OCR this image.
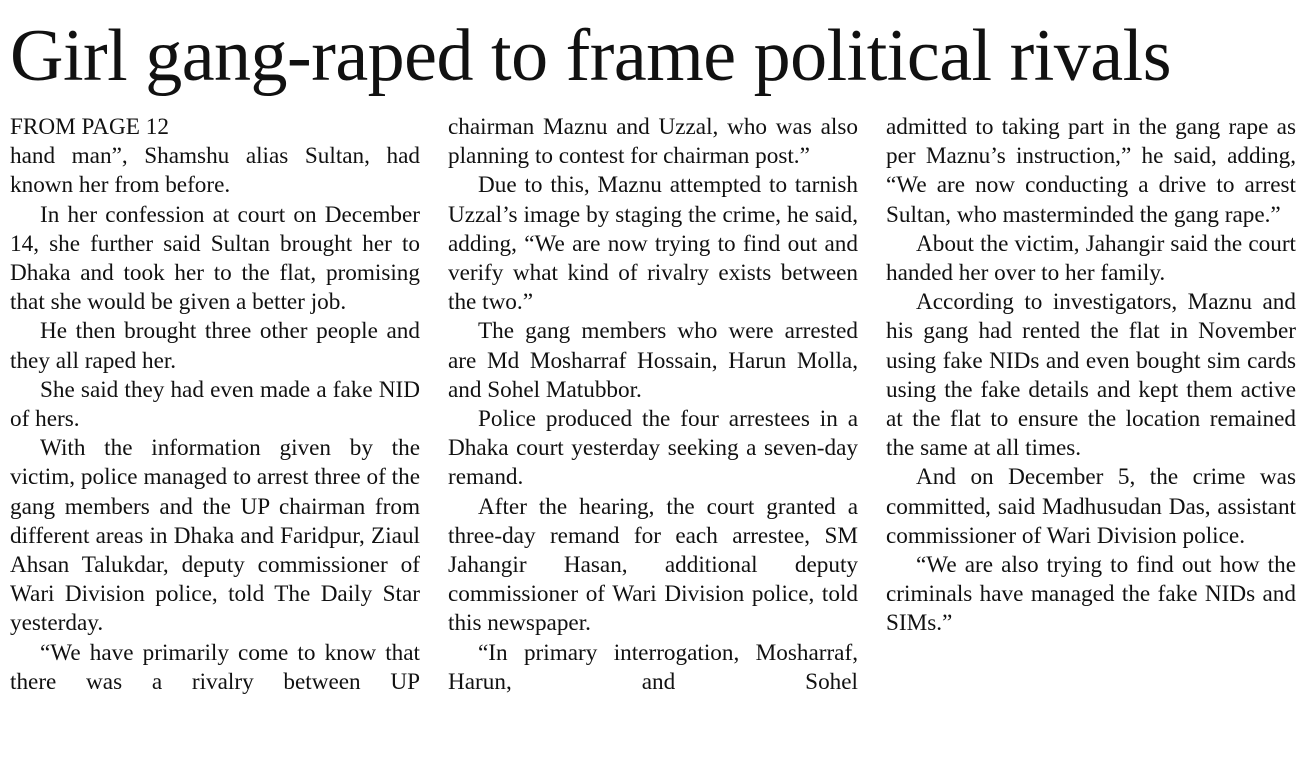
Girl gang-raped to frame political rivals
FROM PAGE 12

hand man”, Shamshu alias Sultan, had known her from before.

In her confession at court on December 14, she further said Sultan brought her to Dhaka and took her to the flat, promising that she would be given a better job.

He then brought three other people and they all raped her.

She said they had even made a fake NID of hers.

With the information given by the victim, police managed to arrest three of the gang members and the UP chairman from different areas in Dhaka and Faridpur, Ziaul Ahsan Talukdar, deputy commissioner of Wari Division police, told The Daily Star yesterday.

“We have primarily come to know that there was a rivalry between UP

chairman Maznu and Uzzal, who was also planning to contest for chairman post.”

Due to this, Maznu attempted to tarnish Uzzal’s image by staging the crime, he said, adding, “We are now trying to find out and verify what kind of rivalry exists between the two.”

The gang members who were arrested are Md Mosharraf Hossain, Harun Molla, and Sohel Matubbor.

Police produced the four arrestees in a Dhaka court yesterday seeking a seven-day remand.

After the hearing, the court granted a three-day remand for each arrestee, SM Jahangir Hasan, additional deputy commissioner of Wari Division police, told this newspaper.

“In primary interrogation, Mosharraf, Harun, and Sohel

admitted to taking part in the gang rape as per Maznu’s instruction,” he said, adding, “We are now conducting a drive to arrest Sultan, who masterminded the gang rape.”

About the victim, Jahangir said the court handed her over to her family.

According to investigators, Maznu and his gang had rented the flat in November using fake NIDs and even bought sim cards using the fake details and kept them active at the flat to ensure the location remained the same at all times.

And on December 5, the crime was committed, said Madhusudan Das, assistant commissioner of Wari Division police.

“We are also trying to find out how the criminals have managed the fake NIDs and SIMs.”
